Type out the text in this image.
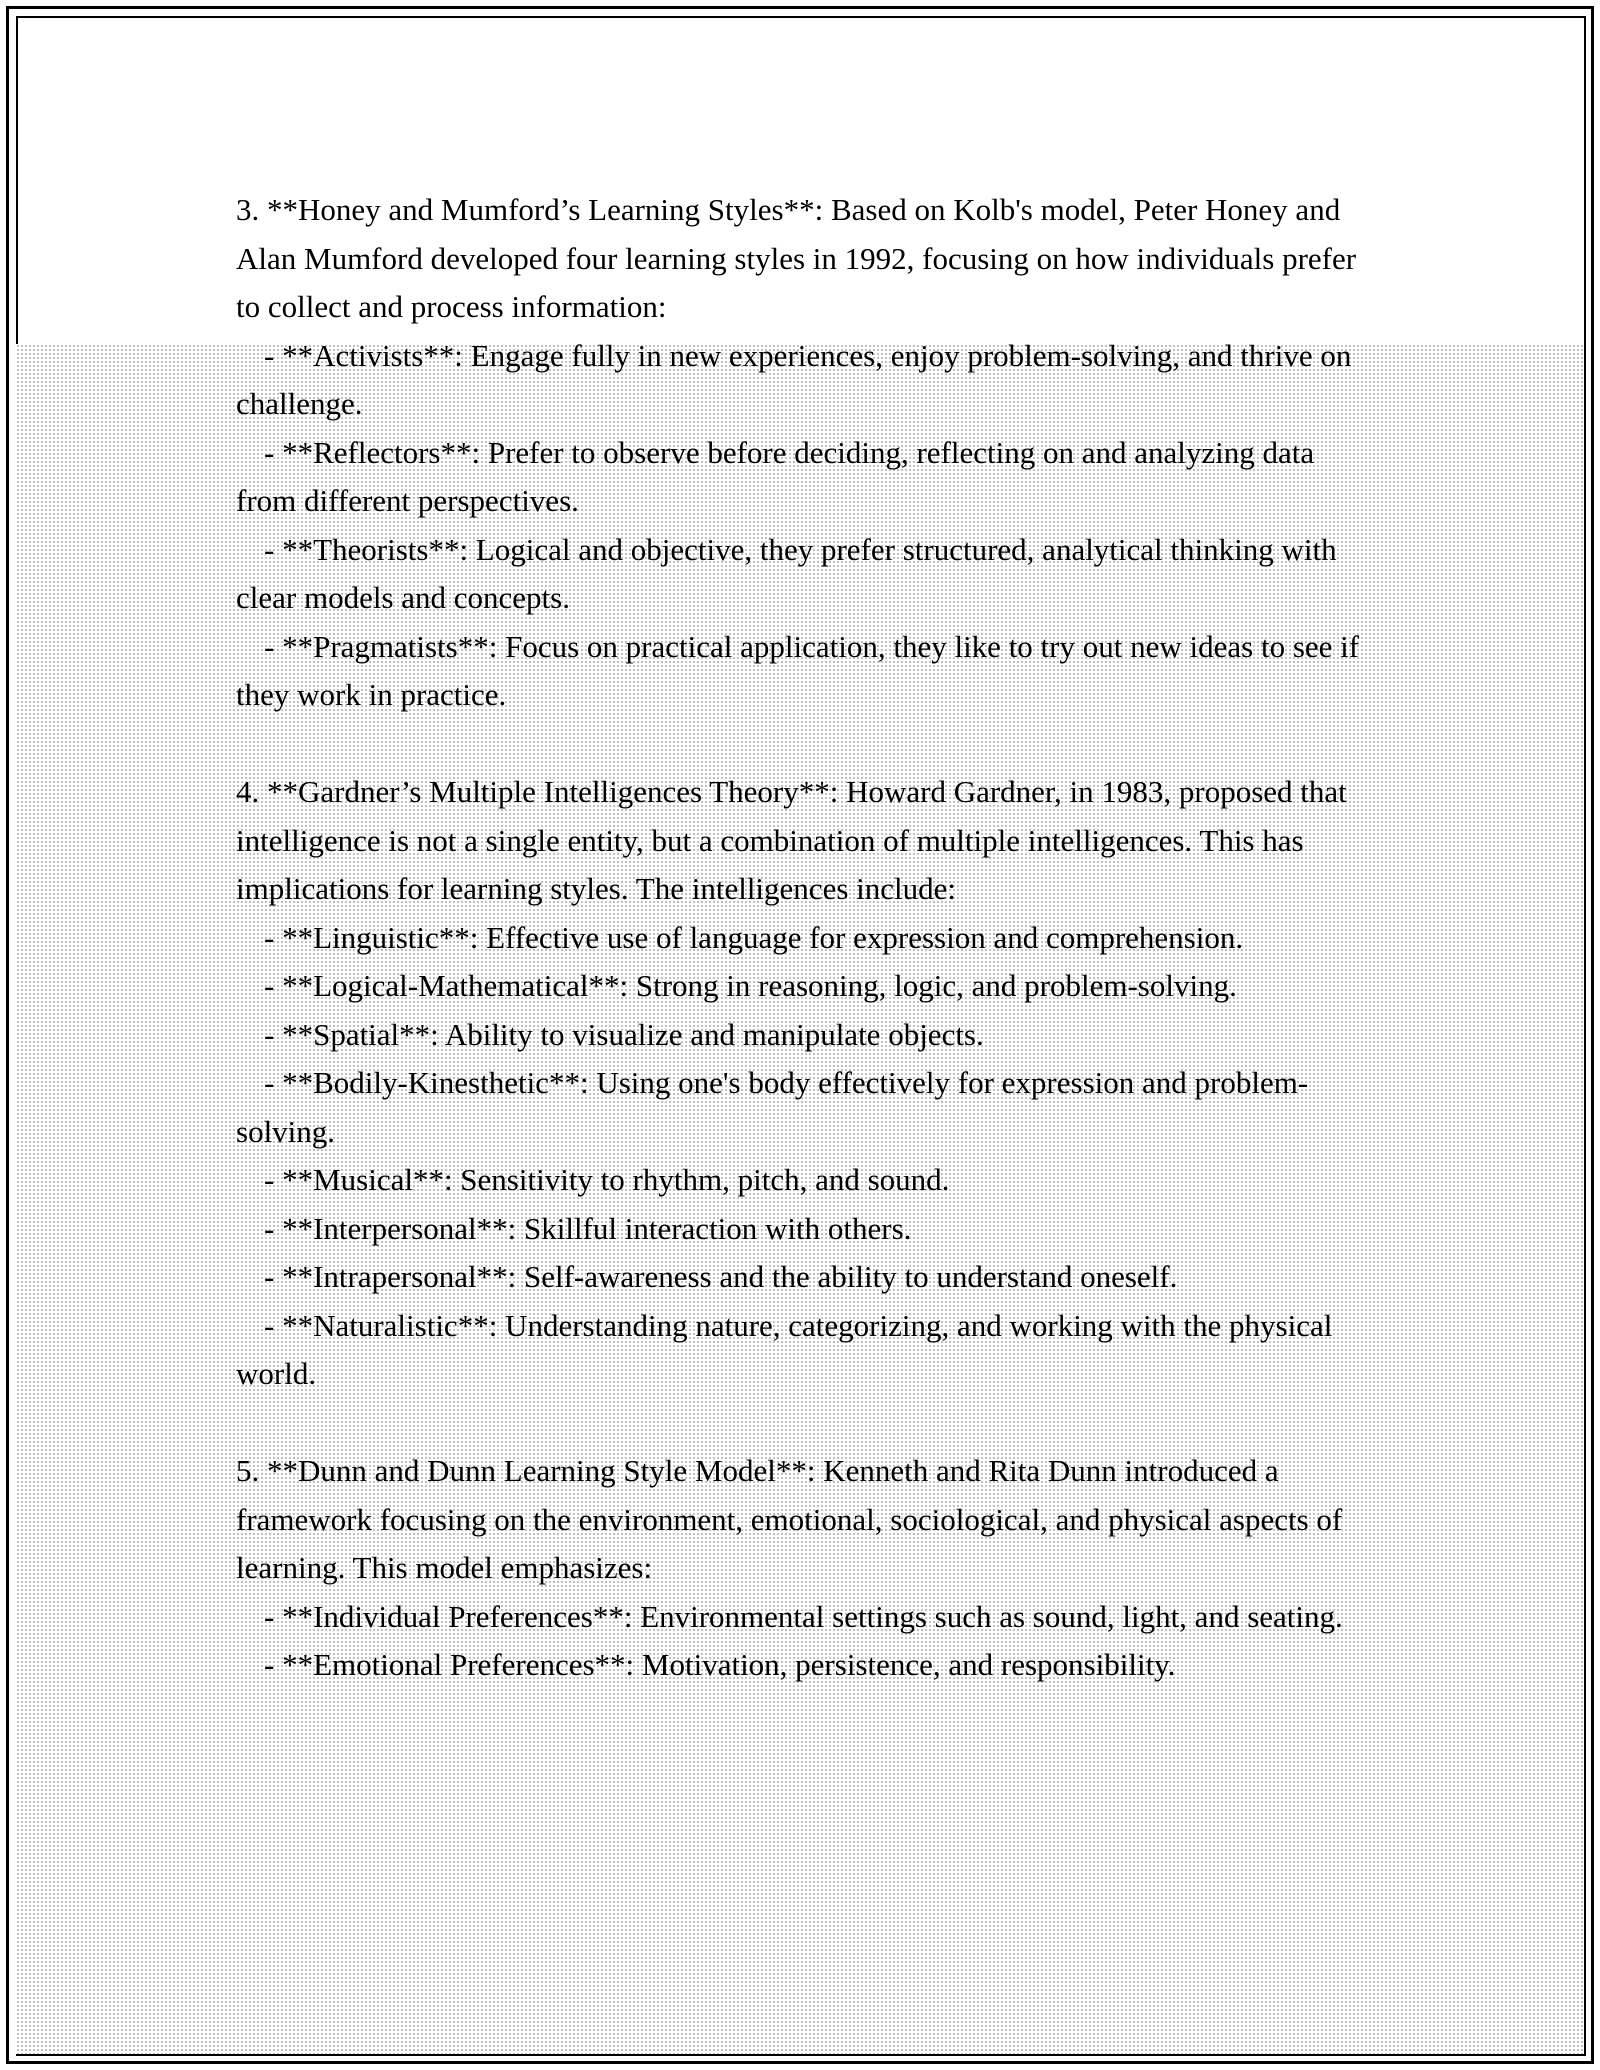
3. **Honey and Mumford’s Learning Styles**: Based on Kolb's model, Peter Honey and Alan Mumford developed four learning styles in 1992, focusing on how individuals prefer to collect and process information:
- **Activists**: Engage fully in new experiences, enjoy problem-solving, and thrive on challenge.
- **Reflectors**: Prefer to observe before deciding, reflecting on and analyzing data from different perspectives.
- **Theorists**: Logical and objective, they prefer structured, analytical thinking with clear models and concepts.
- **Pragmatists**: Focus on practical application, they like to try out new ideas to see if they work in practice.
4. **Gardner’s Multiple Intelligences Theory**: Howard Gardner, in 1983, proposed that intelligence is not a single entity, but a combination of multiple intelligences. This has implications for learning styles. The intelligences include:
- **Linguistic**: Effective use of language for expression and comprehension.
- **Logical-Mathematical**: Strong in reasoning, logic, and problem-solving.
- **Spatial**: Ability to visualize and manipulate objects.
- **Bodily-Kinesthetic**: Using one's body effectively for expression and problem-solving.
- **Musical**: Sensitivity to rhythm, pitch, and sound.
- **Interpersonal**: Skillful interaction with others.
- **Intrapersonal**: Self-awareness and the ability to understand oneself.
- **Naturalistic**: Understanding nature, categorizing, and working with the physical world.
5. **Dunn and Dunn Learning Style Model**: Kenneth and Rita Dunn introduced a framework focusing on the environment, emotional, sociological, and physical aspects of learning. This model emphasizes:
- **Individual Preferences**: Environmental settings such as sound, light, and seating.
- **Emotional Preferences**: Motivation, persistence, and responsibility.
